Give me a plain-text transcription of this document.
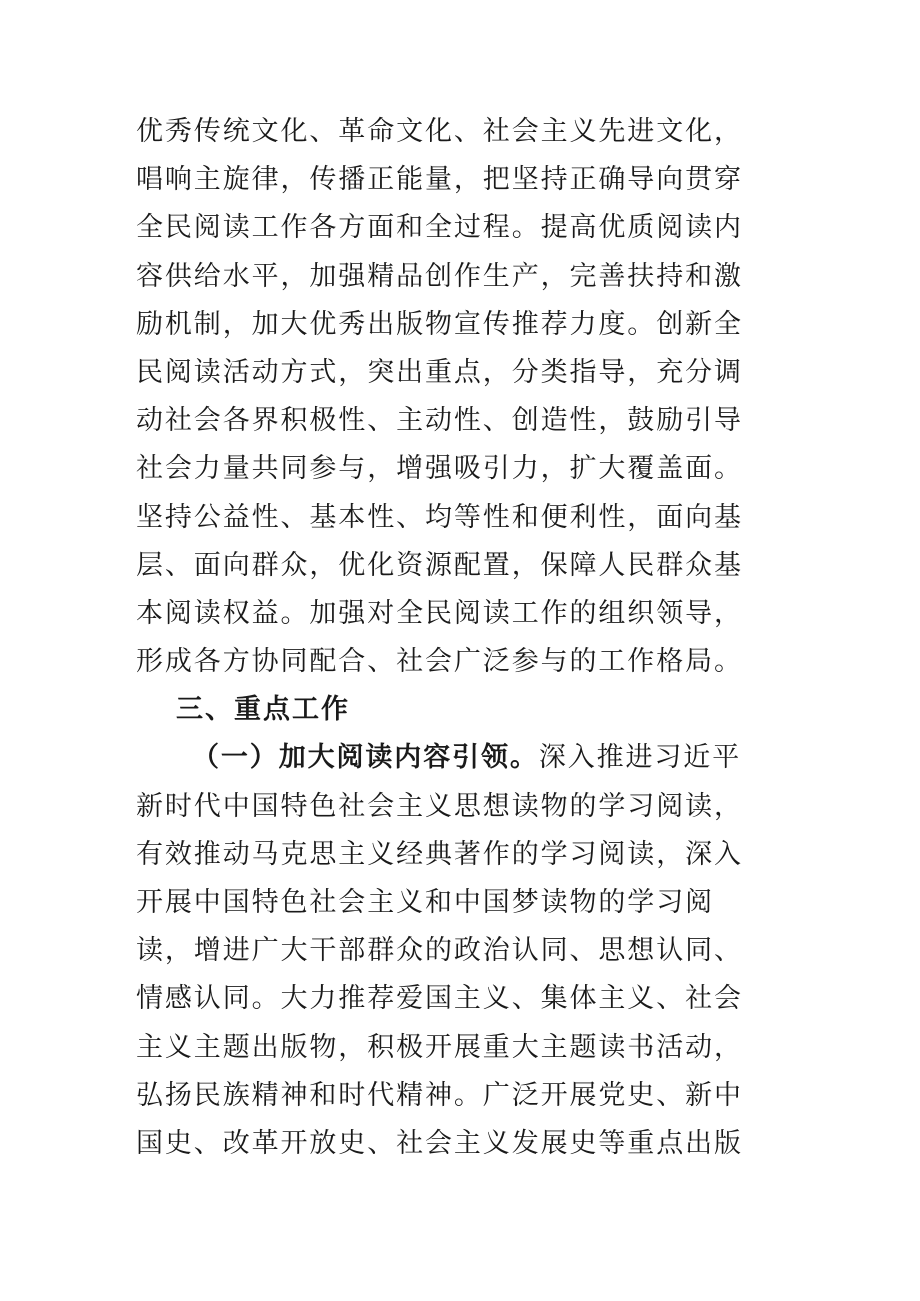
优秀传统文化、革命文化、社会主义先进文化，
唱响主旋律，传播正能量，把坚持正确导向贯穿
全民阅读工作各方面和全过程。提高优质阅读内
容供给水平，加强精品创作生产，完善扶持和激
励机制，加大优秀出版物宣传推荐力度。创新全
民阅读活动方式，突出重点，分类指导，充分调
动社会各界积极性、主动性、创造性，鼓励引导
社会力量共同参与，增强吸引力，扩大覆盖面。
坚持公益性、基本性、均等性和便利性，面向基
层、面向群众，优化资源配置，保障人民群众基
本阅读权益。加强对全民阅读工作的组织领导，
形成各方协同配合、社会广泛参与的工作格局。
三、重点工作
（一）加大阅读内容引领。深入推进习近平
新时代中国特色社会主义思想读物的学习阅读，
有效推动马克思主义经典著作的学习阅读，深入
开展中国特色社会主义和中国梦读物的学习阅
读，增进广大干部群众的政治认同、思想认同、
情感认同。大力推荐爱国主义、集体主义、社会
主义主题出版物，积极开展重大主题读书活动，
弘扬民族精神和时代精神。广泛开展党史、新中
国史、改革开放史、社会主义发展史等重点出版
